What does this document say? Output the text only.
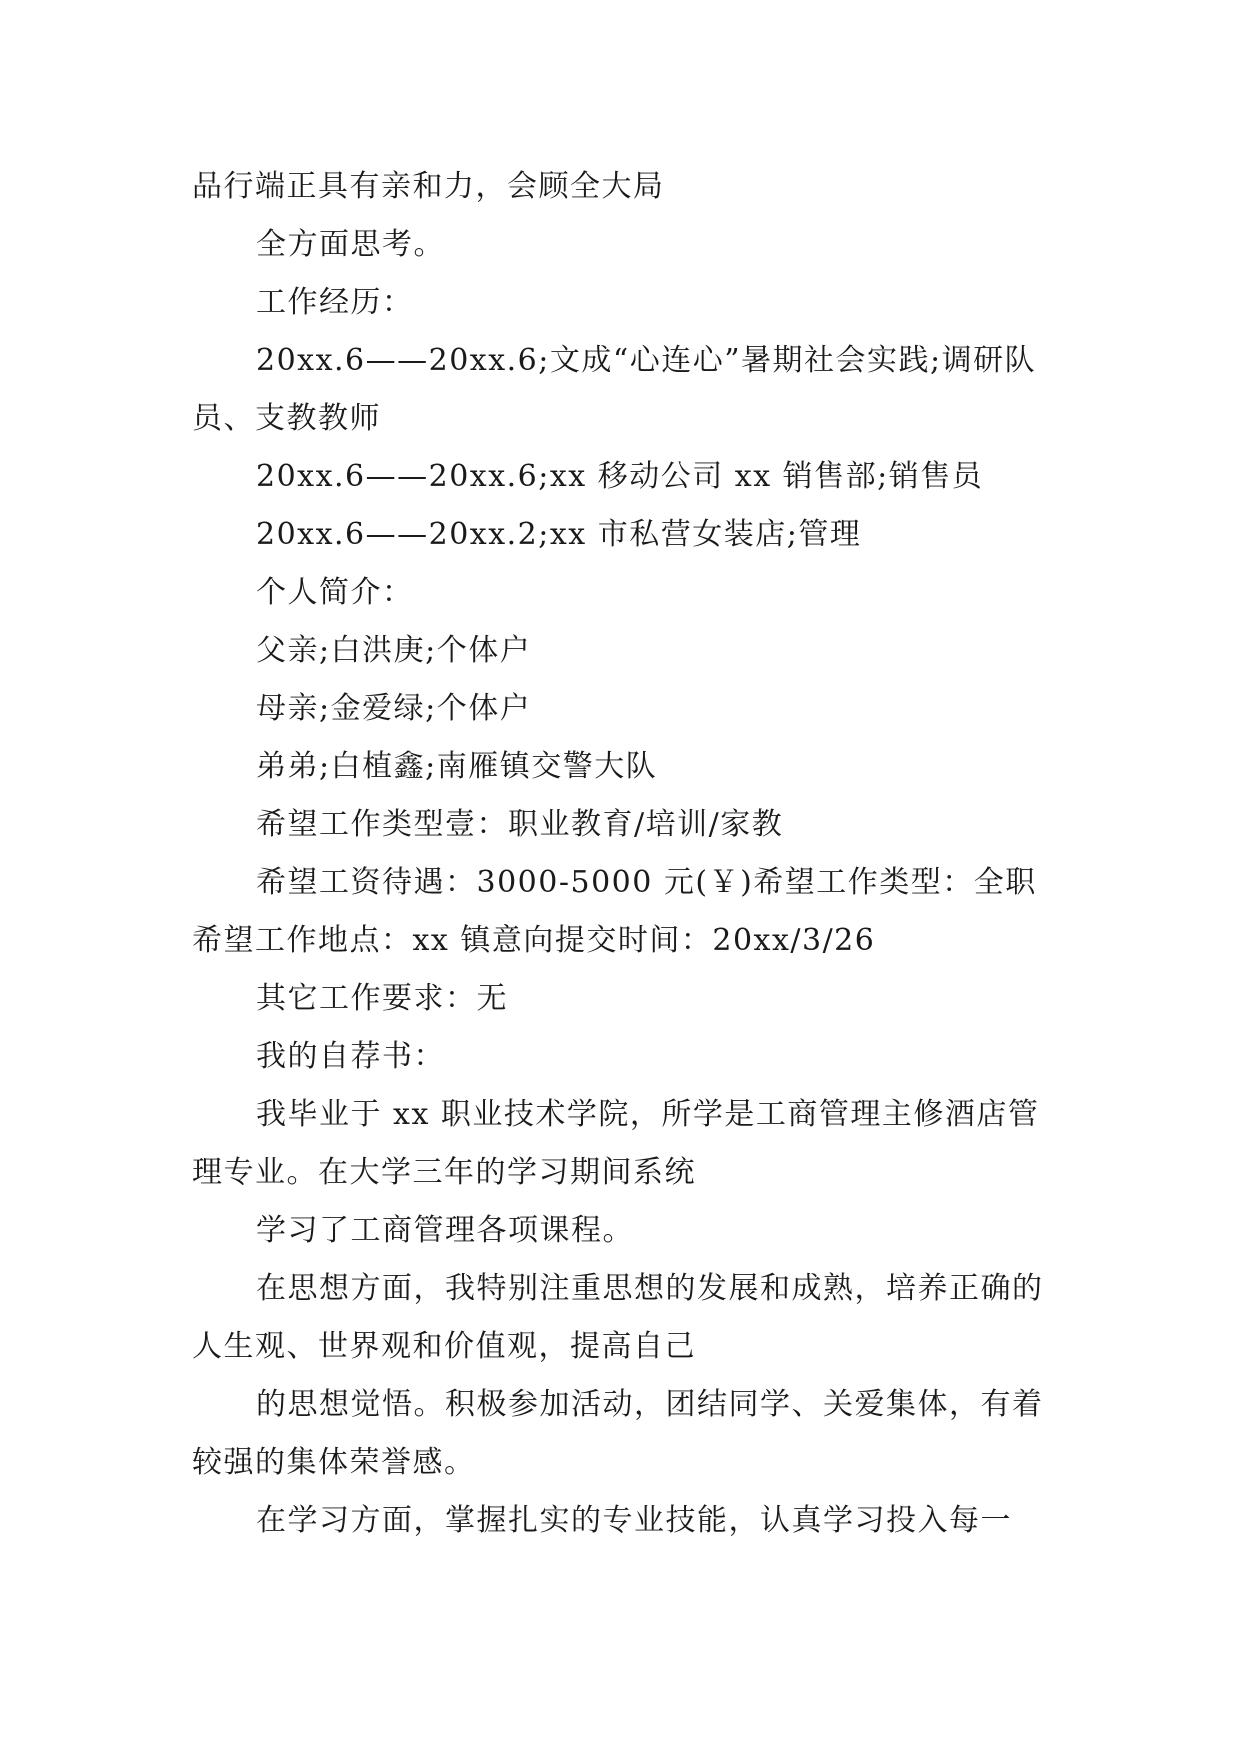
品行端正具有亲和力，会顾全大局

全方面思考。

工作经历：

20xx.6——20xx.6;文成“心连心”暑期社会实践;调研队员、支教教师

20xx.6——20xx.6;xx 移动公司 xx 销售部;销售员

20xx.6——20xx.2;xx 市私营女装店;管理

个人简介：

父亲;白洪庚;个体户

母亲;金爱绿;个体户

弟弟;白植鑫;南雁镇交警大队

希望工作类型壹：职业教育/培训/家教

希望工资待遇：3000-5000 元(￥)希望工作类型：全职希望工作地点：xx 镇意向提交时间：20xx/3/26

其它工作要求：无

我的自荐书：

我毕业于 xx 职业技术学院，所学是工商管理主修酒店管理专业。在大学三年的学习期间系统

学习了工商管理各项课程。

在思想方面，我特别注重思想的发展和成熟，培养正确的人生观、世界观和价值观，提高自己

的思想觉悟。积极参加活动，团结同学、关爱集体，有着较强的集体荣誉感。

在学习方面，掌握扎实的专业技能，认真学习投入每一
